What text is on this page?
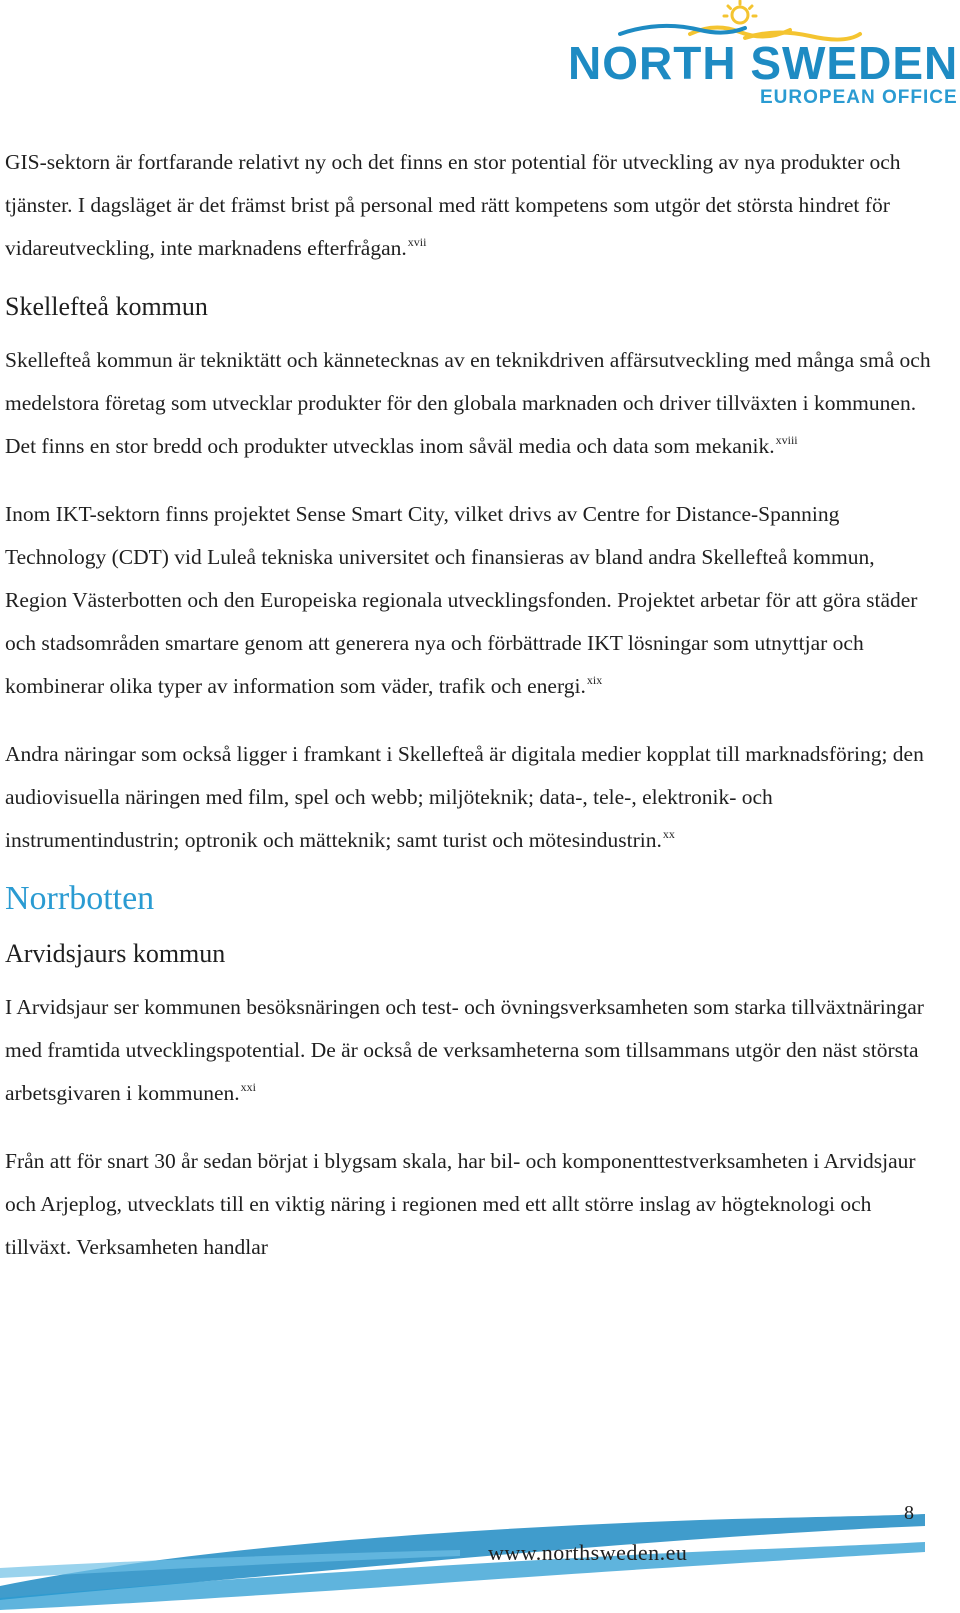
NORTH SWEDEN
EUROPEAN OFFICE

GIS-sektorn är fortfarande relativt ny och det finns en stor potential för utveckling av nya produkter och tjänster. I dagsläget är det främst brist på personal med rätt kompetens som utgör det största hindret för vidareutveckling, inte marknadens efterfrågan.$^{xvii}$

Skellefteå kommun

Skellefteå kommun är tekniktätt och kännetecknas av en teknikdriven affärsutveckling med många små och medelstora företag som utvecklar produkter för den globala marknaden och driver tillväxten i kommunen. Det finns en stor bredd och produkter utvecklas inom såväl media och data som mekanik.$^{xviii}$

Inom IKT-sektorn finns projektet Sense Smart City, vilket drivs av Centre for Distance-Spanning Technology (CDT) vid Luleå tekniska universitet och finansieras av bland andra Skellefteå kommun, Region Västerbotten och den Europeiska regionala utvecklingsfonden. Projektet arbetar för att göra städer och stadsområden smartare genom att generera nya och förbättrade IKT lösningar som utnyttjar och kombinerar olika typer av information som väder, trafik och energi.$^{xix}$

Andra näringar som också ligger i framkant i Skellefteå är digitala medier kopplat till marknadsföring; den audiovisuella näringen med film, spel och webb; miljöteknik; data-, tele-, elektronik- och instrumentindustrin; optronik och mätteknik; samt turist och mötesindustrin.$^{xx}$

Norrbotten
Arvidsjaurs kommun

I Arvidsjaur ser kommunen besöksnäringen och test- och övningsverksamheten som starka tillväxtnäringar med framtida utvecklingspotential. De är också de verksamheterna som tillsammans utgör den näst största arbetsgivaren i kommunen.$^{xxi}$

Från att för snart 30 år sedan börjat i blygsam skala, har bil- och komponenttestverksamheten i Arvidsjaur och Arjeplog, utvecklats till en viktig näring i regionen med ett allt större inslag av högteknologi och tillväxt. Verksamheten handlar

8
www.northsweden.eu
